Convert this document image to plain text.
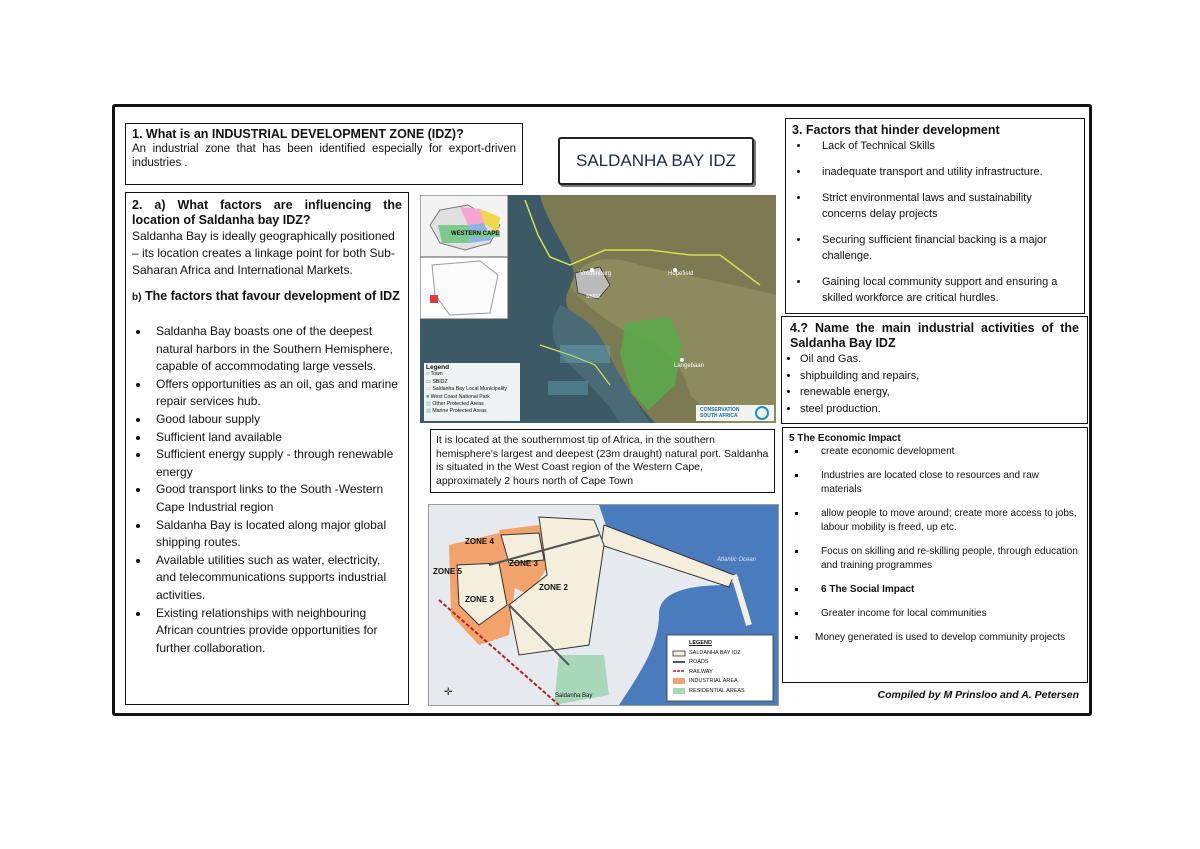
1. What is an INDUSTRIAL DEVELOPMENT ZONE (IDZ)?
An industrial zone that has been identified especially for export-driven industries .
2. a) What factors are influencing the location of Saldanha bay IDZ?
Saldanha Bay is ideally geographically positioned – its location creates a linkage point for both Sub-Saharan Africa and International Markets.
b) The factors that favour development of IDZ
• Saldanha Bay boasts one of the deepest natural harbors in the Southern Hemisphere, capable of accommodating large vessels.
• Offers opportunities as an oil, gas and marine repair services hub.
• Good labour supply
• Sufficient land available
• Sufficient energy supply - through renewable energy
• Good transport links to the South -Western Cape Industrial region
• Saldanha Bay is located along major global shipping routes.
• Available utilities such as water, electricity, and telecommunications supports industrial activities.
• Existing relationships with neighbouring African countries provide opportunities for further collaboration.
SALDANHA BAY IDZ
WESTERN CAPE
Vredenburg	Hopefield
SBIDZ
Langebaan
Legend
○ Town
▭ SBIDZ
▭ Saldanha Bay Local Municipality
■ West Coast National Park
▨ Other Protected Areas
▨ Marine Protected Areas	CONSERVATION SOUTH AFRICA
It is located at the southernmost tip of Africa, in the southern hemisphere's largest and deepest (23m draught) natural port. Saldanha is situated in the West Coast region of the Western Cape, approximately 2 hours north of Cape Town
✛
ZONE 4
ZONE 3
ZONE 5
ZONE 2
ZONE 3
Atlantic Ocean
Saldanha Bay
LEGEND
SALDANHA BAY IDZ
ROADS
RAILWAY
INDUSTRIAL AREA
RESIDENTIAL AREAS
3. Factors that hinder development
• Lack of Technical Skills
• inadequate transport and utility infrastructure.
• Strict environmental laws and sustainability concerns delay projects
• Securing sufficient financial backing is a major challenge.
• Gaining local community support and ensuring a skilled workforce are critical hurdles.
4.? Name the main industrial activities of the Saldanha Bay IDZ
• Oil and Gas.
• shipbuilding and repairs,
• renewable energy,
• steel production.
5 The Economic Impact
▪ create economic development
▪ Industries are located close to resources and raw materials
▪ allow people to move around; create more access to jobs, labour mobility is freed, up etc.
▪ Focus on skilling and re-skilling people, through education and training programmes
▪ 6 The Social Impact
▪ Greater income for local communities
▪ Money generated is used to develop community projects
Compiled by M Prinsloo and A. Petersen
